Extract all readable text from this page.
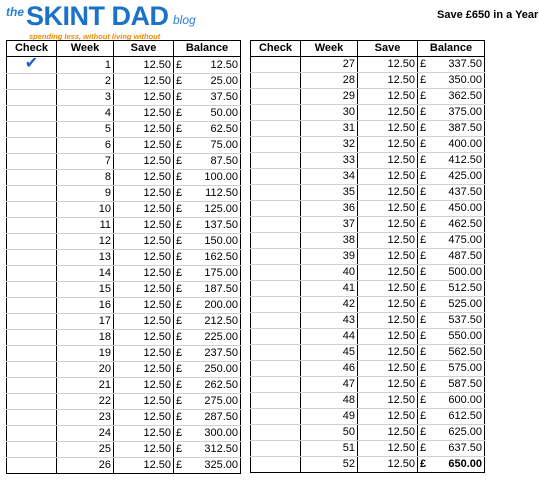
the SKINT DAD blog
spending less, without living without
Save £650 in a Year
Check	Week	Save	Balance
✔	1	12.50	£ 12.50

	2	12.50	£ 25.00

	3	12.50	£ 37.50

	4	12.50	£ 50.00

	5	12.50	£ 62.50

	6	12.50	£ 75.00

	7	12.50	£ 87.50

	8	12.50	£ 100.00

	9	12.50	£ 112.50

	10	12.50	£ 125.00

	11	12.50	£ 137.50

	12	12.50	£ 150.00

	13	12.50	£ 162.50

	14	12.50	£ 175.00

	15	12.50	£ 187.50

	16	12.50	£ 200.00

	17	12.50	£ 212.50

	18	12.50	£ 225.00

	19	12.50	£ 237.50

	20	12.50	£ 250.00

	21	12.50	£ 262.50

	22	12.50	£ 275.00

	23	12.50	£ 287.50

	24	12.50	£ 300.00

	25	12.50	£ 312.50

	26	12.50	£ 325.00
Check	Week	Save	Balance
	27	12.50	£ 337.50

	28	12.50	£ 350.00

	29	12.50	£ 362.50

	30	12.50	£ 375.00

	31	12.50	£ 387.50

	32	12.50	£ 400.00

	33	12.50	£ 412.50

	34	12.50	£ 425.00

	35	12.50	£ 437.50

	36	12.50	£ 450.00

	37	12.50	£ 462.50

	38	12.50	£ 475.00

	39	12.50	£ 487.50

	40	12.50	£ 500.00

	41	12.50	£ 512.50

	42	12.50	£ 525.00

	43	12.50	£ 537.50

	44	12.50	£ 550.00

	45	12.50	£ 562.50

	46	12.50	£ 575.00

	47	12.50	£ 587.50

	48	12.50	£ 600.00

	49	12.50	£ 612.50

	50	12.50	£ 625.00

	51	12.50	£ 637.50

	52	12.50	£ 650.00
